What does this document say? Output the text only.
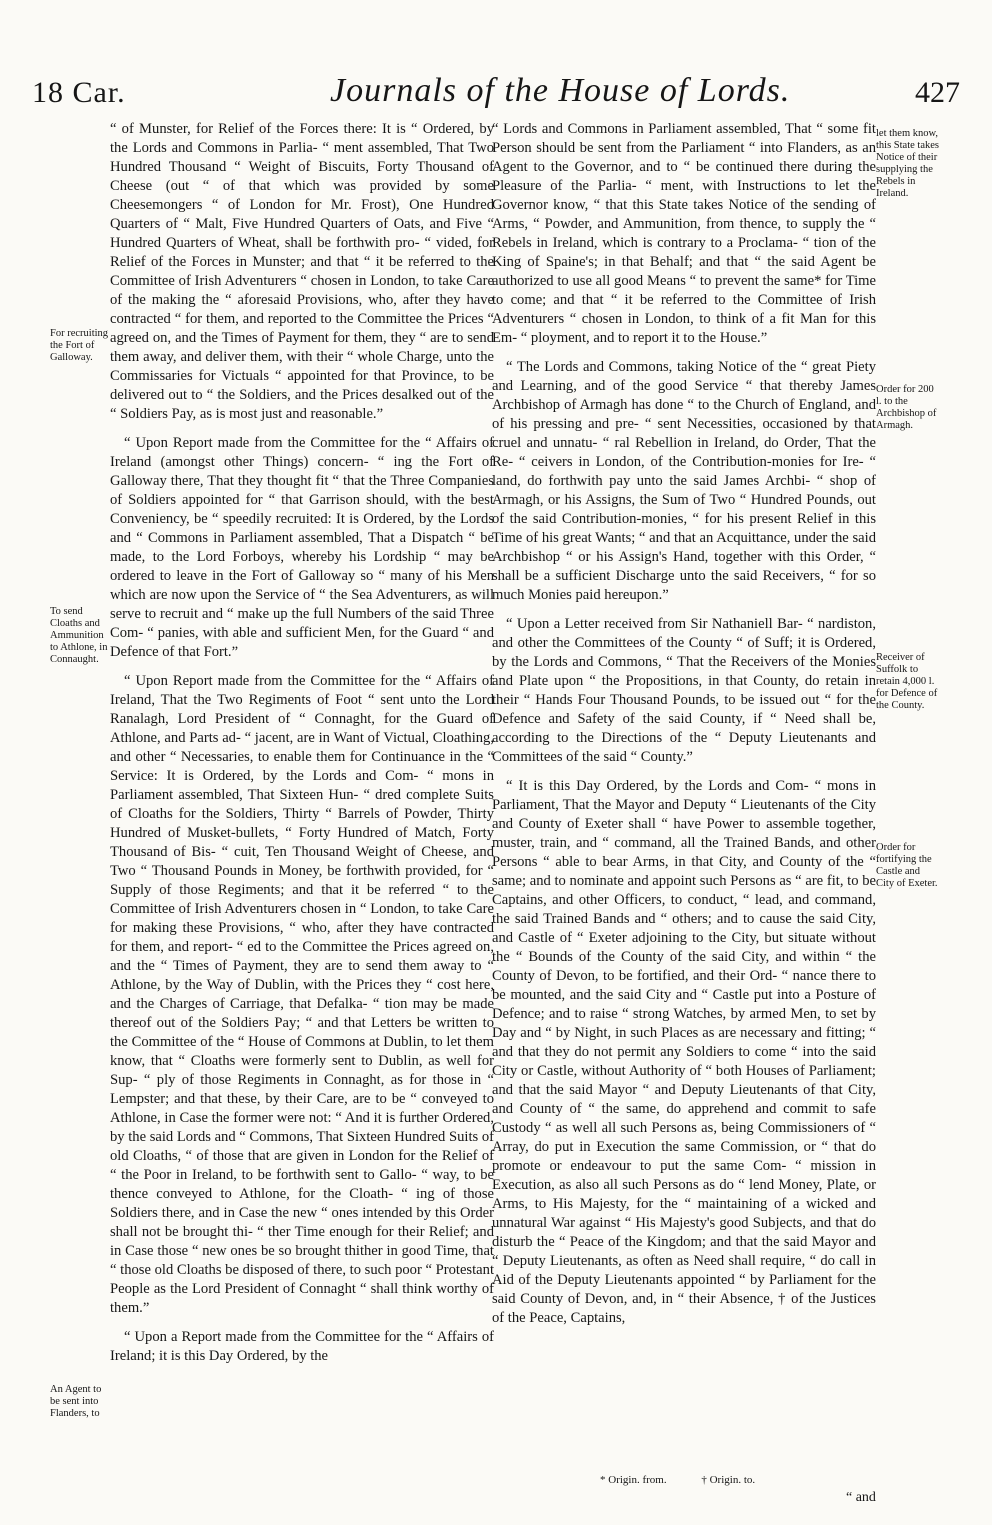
18 Car.	Journals of the House of Lords.	427

“ of Munster, for Relief of the Forces there: It is “ Ordered, by the Lords and Commons in Parlia- “ ment assembled, That Two Hundred Thousand “ Weight of Biscuits, Forty Thousand of Cheese (out “ of that which was provided by some Cheesemongers “ of London for Mr. Frost), One Hundred Quarters of “ Malt, Five Hundred Quarters of Oats, and Five “ Hundred Quarters of Wheat, shall be forthwith pro- “ vided, for Relief of the Forces in Munster; and that “ it be referred to the Committee of Irish Adventurers “ chosen in London, to take Care of the making the “ aforesaid Provisions, who, after they have contracted “ for them, and reported to the Committee the Prices “ agreed on, and the Times of Payment for them, they “ are to send them away, and deliver them, with their “ whole Charge, unto the Commissaries for Victuals “ appointed for that Province, to be delivered out to “ the Soldiers, and the Prices desalked out of the “ Soldiers Pay, as is most just and reasonable.”

“ Upon Report made from the Committee for the “ Affairs of Ireland (amongst other Things) concern- “ ing the Fort of Galloway there, That they thought fit “ that the Three Companies of Soldiers appointed for “ that Garrison should, with the best Conveniency, be “ speedily recruited: It is Ordered, by the Lords and “ Commons in Parliament assembled, That a Dispatch “ be made, to the Lord Forboys, whereby his Lordship “ may be ordered to leave in the Fort of Galloway so “ many of his Men which are now upon the Service of “ the Sea Adventurers, as will serve to recruit and “ make up the full Numbers of the said Three Com- “ panies, with able and sufficient Men, for the Guard “ and Defence of that Fort.”

“ Upon Report made from the Committee for the “ Affairs of Ireland, That the Two Regiments of Foot “ sent unto the Lord Ranalagh, Lord President of “ Connaght, for the Guard of Athlone, and Parts ad- “ jacent, are in Want of Victual, Cloathing, and other “ Necessaries, to enable them for Continuance in the “ Service: It is Ordered, by the Lords and Com- “ mons in Parliament assembled, That Sixteen Hun- “ dred complete Suits of Cloaths for the Soldiers, Thirty “ Barrels of Powder, Thirty Hundred of Musket-bullets, “ Forty Hundred of Match, Forty Thousand of Bis- “ cuit, Ten Thousand Weight of Cheese, and Two “ Thousand Pounds in Money, be forthwith provided, for “ Supply of those Regiments; and that it be referred “ to the Committee of Irish Adventurers chosen in “ London, to take Care for making these Provisions, “ who, after they have contracted for them, and report- “ ed to the Committee the Prices agreed on, and the “ Times of Payment, they are to send them away to “ Athlone, by the Way of Dublin, with the Prices they “ cost here, and the Charges of Carriage, that Defalka- “ tion may be made thereof out of the Soldiers Pay; “ and that Letters be written to the Committee of the “ House of Commons at Dublin, to let them know, that “ Cloaths were formerly sent to Dublin, as well for Sup- “ ply of those Regiments in Connaght, as for those in “ Lempster; and that these, by their Care, are to be “ conveyed to Athlone, in Case the former were not: “ And it is further Ordered, by the said Lords and “ Commons, That Sixteen Hundred Suits of old Cloaths, “ of those that are given in London for the Relief of “ the Poor in Ireland, to be forthwith sent to Gallo- “ way, to be thence conveyed to Athlone, for the Cloath- “ ing of those Soldiers there, and in Case the new “ ones intended by this Order shall not be brought thi- “ ther Time enough for their Relief; and in Case those “ new ones be so brought thither in good Time, that “ those old Cloaths be disposed of there, to such poor “ Protestant People as the Lord President of Connaght “ shall think worthy of them.”

“ Upon a Report made from the Committee for the “ Affairs of Ireland; it is this Day Ordered, by the

“ Lords and Commons in Parliament assembled, That “ some fit Person should be sent from the Parliament “ into Flanders, as an Agent to the Governor, and to “ be continued there during the Pleasure of the Parlia- “ ment, with Instructions to let the Governor know, “ that this State takes Notice of the sending of Arms, “ Powder, and Ammunition, from thence, to supply the “ Rebels in Ireland, which is contrary to a Proclama- “ tion of the King of Spaine's; in that Behalf; and that “ the said Agent be authorized to use all good Means “ to prevent the same* for Time to come; and that “ it be referred to the Committee of Irish Adventurers “ chosen in London, to think of a fit Man for this Em- “ ployment, and to report it to the House.”

“ The Lords and Commons, taking Notice of the “ great Piety and Learning, and of the good Service “ that thereby James Archbishop of Armagh has done “ to the Church of England, and of his pressing and pre- “ sent Necessities, occasioned by that cruel and unnatu- “ ral Rebellion in Ireland, do Order, That the Re- “ ceivers in London, of the Contribution-monies for Ire- “ land, do forthwith pay unto the said James Archbi- “ shop of Armagh, or his Assigns, the Sum of Two “ Hundred Pounds, out of the said Contribution-monies, “ for his present Relief in this Time of his great Wants; “ and that an Acquittance, under the said Archbishop “ or his Assign's Hand, together with this Order, “ shall be a sufficient Discharge unto the said Receivers, “ for so much Monies paid hereupon.”

“ Upon a Letter received from Sir Nathaniell Bar- “ nardiston, and other the Committees of the County “ of Suff; it is Ordered, by the Lords and Commons, “ That the Receivers of the Monies and Plate upon “ the Propositions, in that County, do retain in their “ Hands Four Thousand Pounds, to be issued out “ for the Defence and Safety of the said County, if “ Need shall be, according to the Directions of the “ Deputy Lieutenants and Committees of the said “ County.”

“ It is this Day Ordered, by the Lords and Com- “ mons in Parliament, That the Mayor and Deputy “ Lieutenants of the City and County of Exeter shall “ have Power to assemble together, muster, train, and “ command, all the Trained Bands, and other Persons “ able to bear Arms, in that City, and County of the “ same; and to nominate and appoint such Persons as “ are fit, to be Captains, and other Officers, to conduct, “ lead, and command, the said Trained Bands and “ others; and to cause the said City, and Castle of “ Exeter adjoining to the City, but situate without the “ Bounds of the County of the said City, and within “ the County of Devon, to be fortified, and their Ord- “ nance there to be mounted, and the said City and “ Castle put into a Posture of Defence; and to raise “ strong Watches, by armed Men, to set by Day and “ by Night, in such Places as are necessary and fitting; “ and that they do not permit any Soldiers to come “ into the said City or Castle, without Authority of “ both Houses of Parliament; and that the said Mayor “ and Deputy Lieutenants of that City, and County of “ the same, do apprehend and commit to safe Custody “ as well all such Persons as, being Commissioners of “ Array, do put in Execution the same Commission, or “ that do promote or endeavour to put the same Com- “ mission in Execution, as also all such Persons as do “ lend Money, Plate, or Arms, to His Majesty, for the “ maintaining of a wicked and unnatural War against “ His Majesty's good Subjects, and that do disturb the “ Peace of the Kingdom; and that the said Mayor and “ Deputy Lieutenants, as often as Need shall require, “ do call in Aid of the Deputy Lieutenants appointed “ by Parliament for the said County of Devon, and, in “ their Absence, † of the Justices of the Peace, Captains,

For recruiting the Fort of Galloway.
To send Cloaths and Ammunition to Athlone, in Connaught.
An Agent to be sent into Flanders, to
let them know, this State takes Notice of their supplying the Rebels in Ireland.
Order for 200 l. to the Archbishop of Armagh.
Receiver of Suffolk to retain 4,000 l. for Defence of the County.
Order for fortifying the Castle and City of Exeter.
* Origin. from.	† Origin. to.
“ and
